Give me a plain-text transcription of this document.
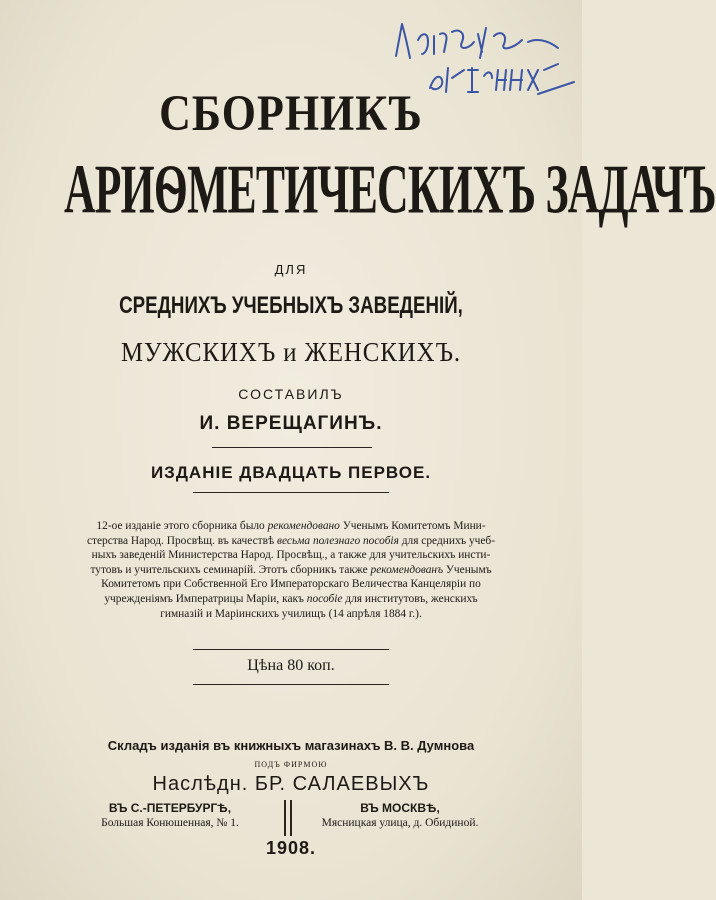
СБОРНИКЪ
АРИѲМЕТИЧЕСКИХЪ ЗАДАЧЪ
ДЛЯ
СРЕДНИХЪ УЧЕБНЫХЪ ЗАВЕДЕНІЙ,
МУЖСКИХЪ и ЖЕНСКИХЪ.
СОСТАВИЛЪ
И. ВЕРЕЩАГИНЪ.
ИЗДАНІЕ ДВАДЦАТЬ ПЕРВОЕ.
12-ое изданіе этого сборника было рекомендовано Ученымъ Комитетомъ Мини-
стерства Народ. Просвѣщ. въ качествѣ весьма полезнаго пособія для среднихъ учеб-
ныхъ заведеній Министерства Народ. Просвѣщ., а также для учительскихъ инсти-
тутовъ и учительскихъ семинарій. Этотъ сборникъ также рекомендованъ Ученымъ
Комитетомъ при Собственной Его Императорскаго Величества Канцеляріи по
учрежденіямъ Императрицы Маріи, какъ пособіе для институтовъ, женскихъ
гимназій и Маріинскихъ училищъ (14 апрѣля 1884 г.).
Цѣна 80 коп.
Складъ изданія въ книжныхъ магазинахъ В. В. Думнова
ПОДЪ ФИРМОЮ
Наслѣдн. БР. САЛАЕВЫХЪ
ВЪ С.-ПЕТЕРБУРГѢ,
Большая Конюшенная, № 1.
ВЪ МОСКВѢ,
Мясницкая улица, д. Обидиной.
1908.
